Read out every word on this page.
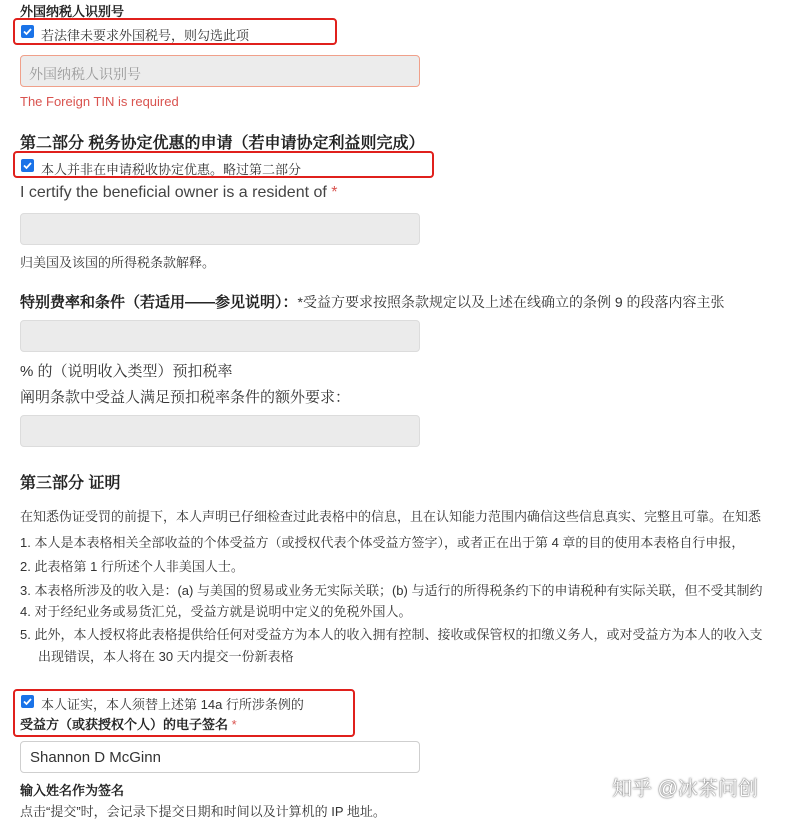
外国纳税人识别号
若法律未要求外国税号，则勾选此项
外国纳税人识别号
The Foreign TIN is required
第二部分 税务协定优惠的申请（若申请协定利益则完成）
本人并非在申请税收协定优惠。略过第二部分
I certify the beneficial owner is a resident of *
归美国及该国的所得税条款解释。
特别费率和条件（若适用——参见说明）：*受益方要求按照条款规定以及上述在线确立的条例 9 的段落内容主张
% 的（说明收入类型）预扣税率
阐明条款中受益人满足预扣税率条件的额外要求：
第三部分 证明
在知悉伪证受罚的前提下，本人声明已仔细检查过此表格中的信息，且在认知能力范围内确信这些信息真实、完整且可靠。在知悉
1. 本人是本表格相关全部收益的个体受益方（或授权代表个体受益方签字），或者正在出于第 4 章的目的使用本表格自行申报，
2. 此表格第 1 行所述个人非美国人士。
3. 本表格所涉及的收入是：(a) 与美国的贸易或业务无实际关联；(b) 与适行的所得税条约下的申请税种有实际关联，但不受其制约
4. 对于经纪业务或易货汇兑，受益方就是说明中定义的免税外国人。
5. 此外，本人授权将此表格提供给任何对受益方为本人的收入拥有控制、接收或保管权的扣缴义务人，或对受益方为本人的收入支
出现错误，本人将在 30 天内提交一份新表格
本人证实，本人须替上述第 14a 行所涉条例的
受益方（或获授权个人）的电子签名 *
Shannon D McGinn
输入姓名作为签名
点击“提交”时，会记录下提交日期和时间以及计算机的 IP 地址。
知乎 @冰茶问创
